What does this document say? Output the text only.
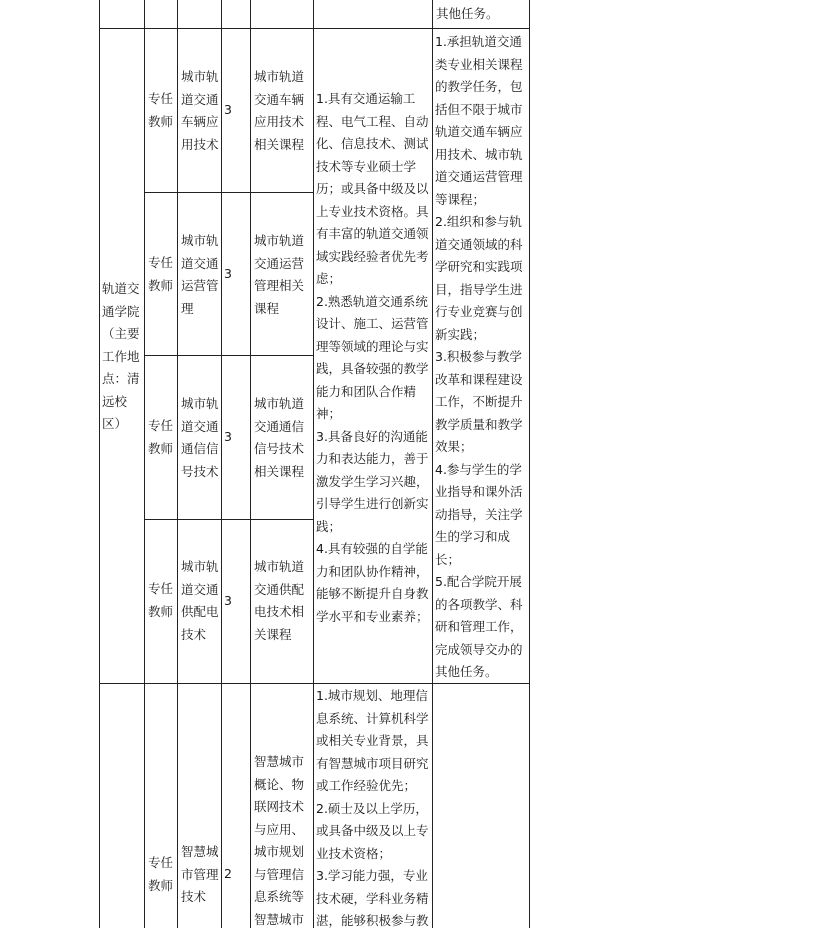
其他任务。
轨道交
通学院
（主要
工作地
点：清
远校
区）
专任
教师
城市轨
道交通
车辆应
用技术
3
城市轨道
交通车辆
应用技术
相关课程
专任
教师
城市轨
道交通
运营管
理
3
城市轨道
交通运营
管理相关
课程
专任
教师
城市轨
道交通
通信信
号技术
3
城市轨道
交通通信
信号技术
相关课程
专任
教师
城市轨
道交通
供配电
技术
3
城市轨道
交通供配
电技术相
关课程
1.具有交通运输工
程、电气工程、自动
化、信息技术、测试
技术等专业硕士学
历；或具备中级及以
上专业技术资格。具
有丰富的轨道交通领
域实践经验者优先考
虑；
2.熟悉轨道交通系统
设计、施工、运营管
理等领域的理论与实
践，具备较强的教学
能力和团队合作精
神；
3.具备良好的沟通能
力和表达能力，善于
激发学生学习兴趣，
引导学生进行创新实
践；
4.具有较强的自学能
力和团队协作精神，
能够不断提升自身教
学水平和专业素养；
1.承担轨道交通
类专业相关课程
的教学任务，包
括但不限于城市
轨道交通车辆应
用技术、城市轨
道交通运营管理
等课程；
2.组织和参与轨
道交通领域的科
学研究和实践项
目，指导学生进
行专业竞赛与创
新实践；
3.积极参与教学
改革和课程建设
工作，不断提升
教学质量和教学
效果；
4.参与学生的学
业指导和课外活
动指导，关注学
生的学习和成
长；
5.配合学院开展
的各项教学、科
研和管理工作，
完成领导交办的
其他任务。
专任
教师
智慧城
市管理
技术
2
智慧城市
概论、物
联网技术
与应用、
城市规划
与管理信
息系统等
智慧城市
1.城市规划、地理信
息系统、计算机科学
或相关专业背景，具
有智慧城市项目研究
或工作经验优先；
2.硕士及以上学历，
或具备中级及以上专
业技术资格；
3.学习能力强，专业
技术硬，学科业务精
湛，能够积极参与教
